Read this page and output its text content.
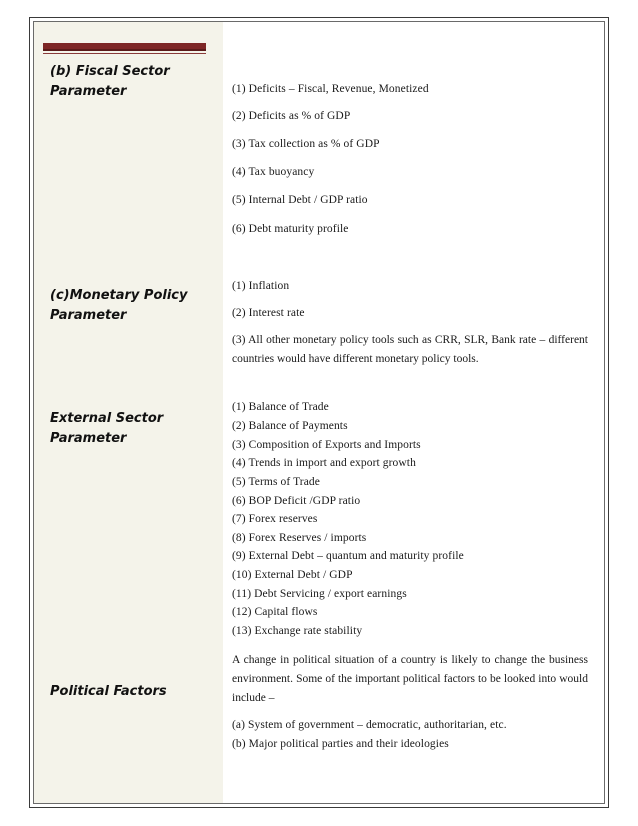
(b) Fiscal Sector
Parameter	(1) Deficits – Fiscal, Revenue, Monetized
(2) Deficits as % of GDP
(3) Tax collection as % of GDP
(4) Tax buoyancy
(5) Internal Debt / GDP ratio
(6) Debt maturity profile
(c)Monetary Policy
Parameter
(1) Inflation
(2) Interest rate
(3) All other monetary policy tools such as CRR, SLR, Bank rate – different countries would have different monetary policy tools.
External Sector
Parameter
(1) Balance of Trade
(2) Balance of Payments
(3) Composition of Exports and Imports
(4) Trends in import and export growth
(5) Terms of Trade
(6) BOP Deficit /GDP ratio
(7) Forex reserves
(8) Forex Reserves / imports
(9) External Debt – quantum and maturity profile
(10) External Debt / GDP
(11) Debt Servicing / export earnings
(12) Capital flows
(13) Exchange rate stability
Political Factors
A change in political situation of a country is likely to change the business environment. Some of the important political factors to be looked into would include –
(a) System of government – democratic, authoritarian, etc.
(b) Major political parties and their ideologies
